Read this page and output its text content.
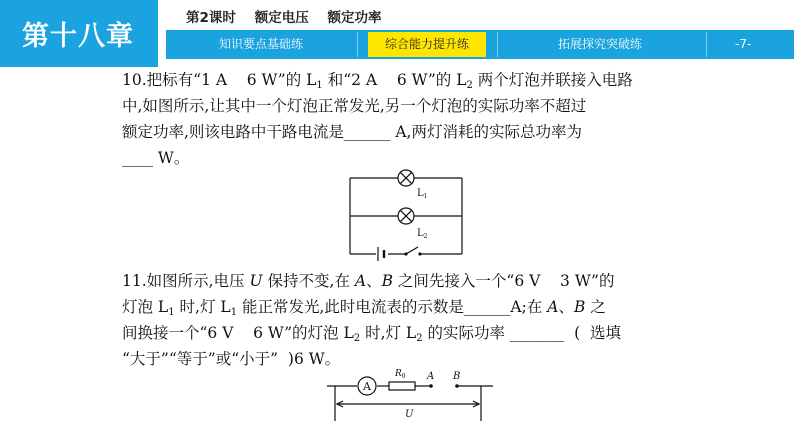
第十八章
第2课时    额定电压    额定功率
知识要点基础练	综合能力提升练	拓展探究突破练	-7-
10.把标有“1 A    6 W”的 $L_1$ 和“2 A    6 W”的 $L_2$ 两个灯泡并联接入电路
中,如图所示,让其中一个灯泡正常发光,另一个灯泡的实际功率不超过
额定功率,则该电路中干路电流是______ A,两灯消耗的实际总功率为
____ W。
$L_1$
$L_2$
11.如图所示,电压 U 保持不变,在 A、B 之间先接入一个“6 V    3 W”的
灯泡 $L_1$ 时,灯 $L_1$ 能正常发光,此时电流表的示数是______A;在 A、B 之
间换接一个“6 V    6 W”的灯泡 $L_2$ 时,灯 $L_2$ 的实际功率 _______  (  选填
“大于”“等于”或“小于”  )6 W。
A
$R_0$ A B
U
